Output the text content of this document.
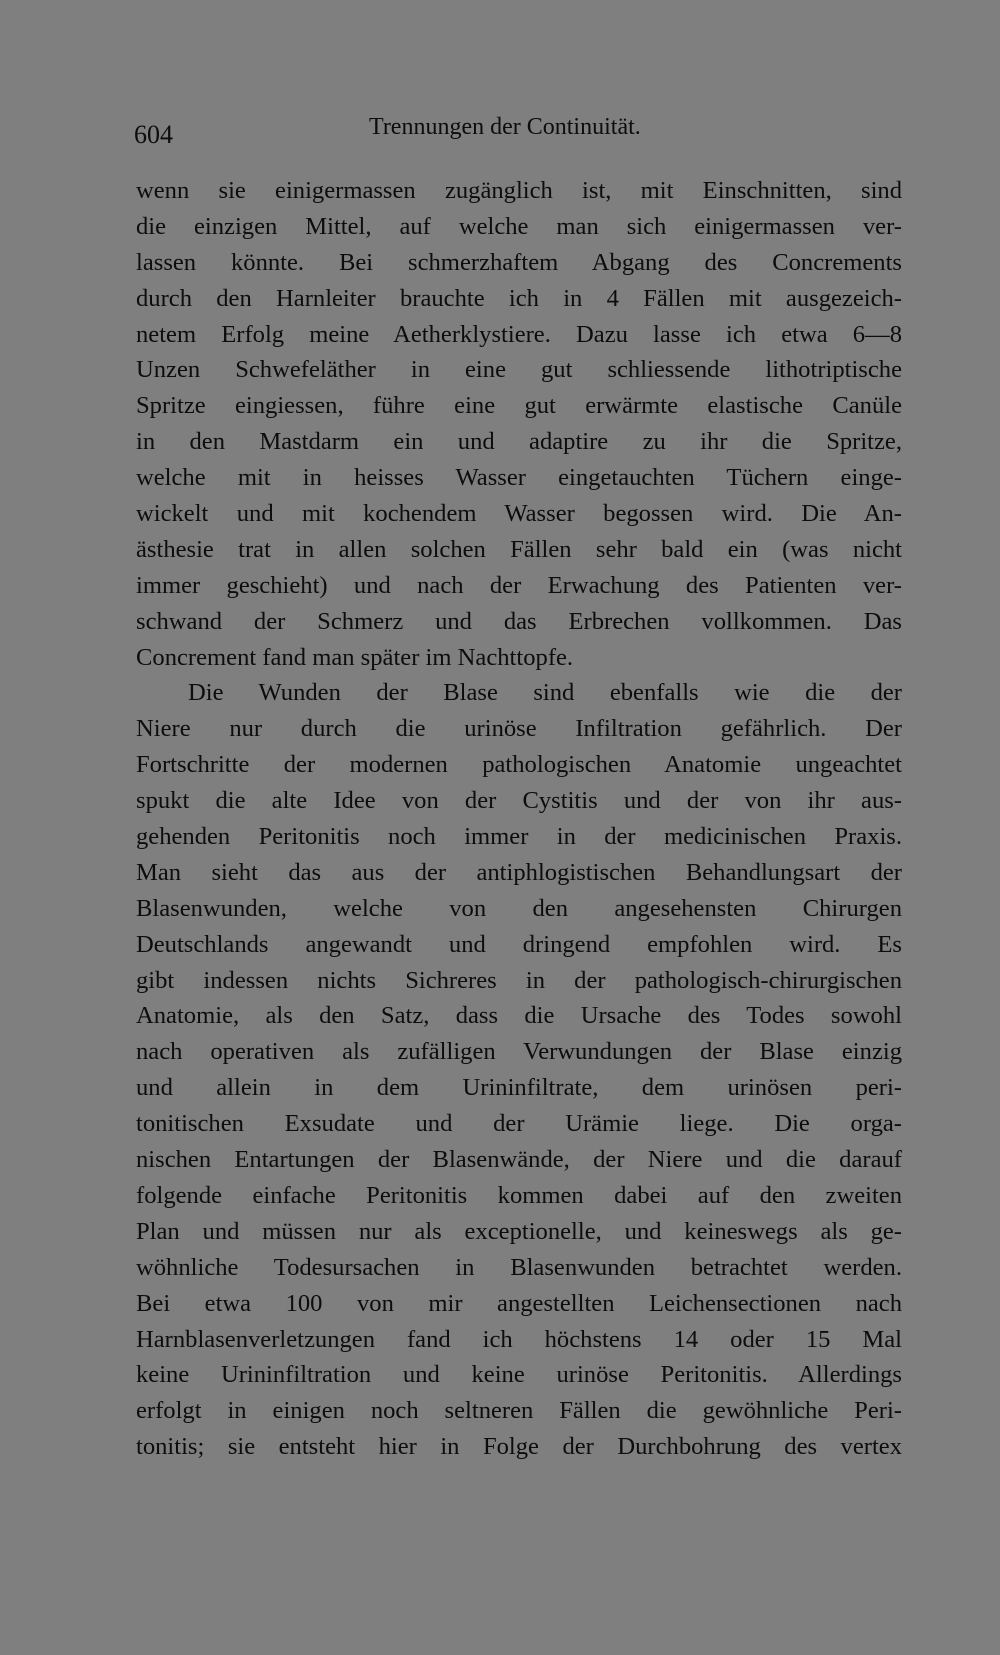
604	Trennungen der Continuität.
wenn sie einigermassen zugänglich ist, mit Einschnitten, sind
die einzigen Mittel, auf welche man sich einigermassen ver-
lassen könnte. Bei schmerzhaftem Abgang des Concrements
durch den Harnleiter brauchte ich in 4 Fällen mit ausgezeich-
netem Erfolg meine Aetherklystiere. Dazu lasse ich etwa 6—8
Unzen Schwefeläther in eine gut schliessende lithotriptische
Spritze eingiessen, führe eine gut erwärmte elastische Canüle
in den Mastdarm ein und adaptire zu ihr die Spritze,
welche mit in heisses Wasser eingetauchten Tüchern einge-
wickelt und mit kochendem Wasser begossen wird. Die An-
ästhesie trat in allen solchen Fällen sehr bald ein (was nicht
immer geschieht) und nach der Erwachung des Patienten ver-
schwand der Schmerz und das Erbrechen vollkommen. Das
Concrement fand man später im Nachttopfe.
Die Wunden der Blase sind ebenfalls wie die der
Niere nur durch die urinöse Infiltration gefährlich. Der
Fortschritte der modernen pathologischen Anatomie ungeachtet
spukt die alte Idee von der Cystitis und der von ihr aus-
gehenden Peritonitis noch immer in der medicinischen Praxis.
Man sieht das aus der antiphlogistischen Behandlungsart der
Blasenwunden, welche von den angesehensten Chirurgen
Deutschlands angewandt und dringend empfohlen wird. Es
gibt indessen nichts Sichreres in der pathologisch-chirurgischen
Anatomie, als den Satz, dass die Ursache des Todes sowohl
nach operativen als zufälligen Verwundungen der Blase einzig
und allein in dem Urininfiltrate, dem urinösen peri-
tonitischen Exsudate und der Urämie liege. Die orga-
nischen Entartungen der Blasenwände, der Niere und die darauf
folgende einfache Peritonitis kommen dabei auf den zweiten
Plan und müssen nur als exceptionelle, und keineswegs als ge-
wöhnliche Todesursachen in Blasenwunden betrachtet werden.
Bei etwa 100 von mir angestellten Leichensectionen nach
Harnblasenverletzungen fand ich höchstens 14 oder 15 Mal
keine Urininfiltration und keine urinöse Peritonitis. Allerdings
erfolgt in einigen noch seltneren Fällen die gewöhnliche Peri-
tonitis; sie entsteht hier in Folge der Durchbohrung des vertex
